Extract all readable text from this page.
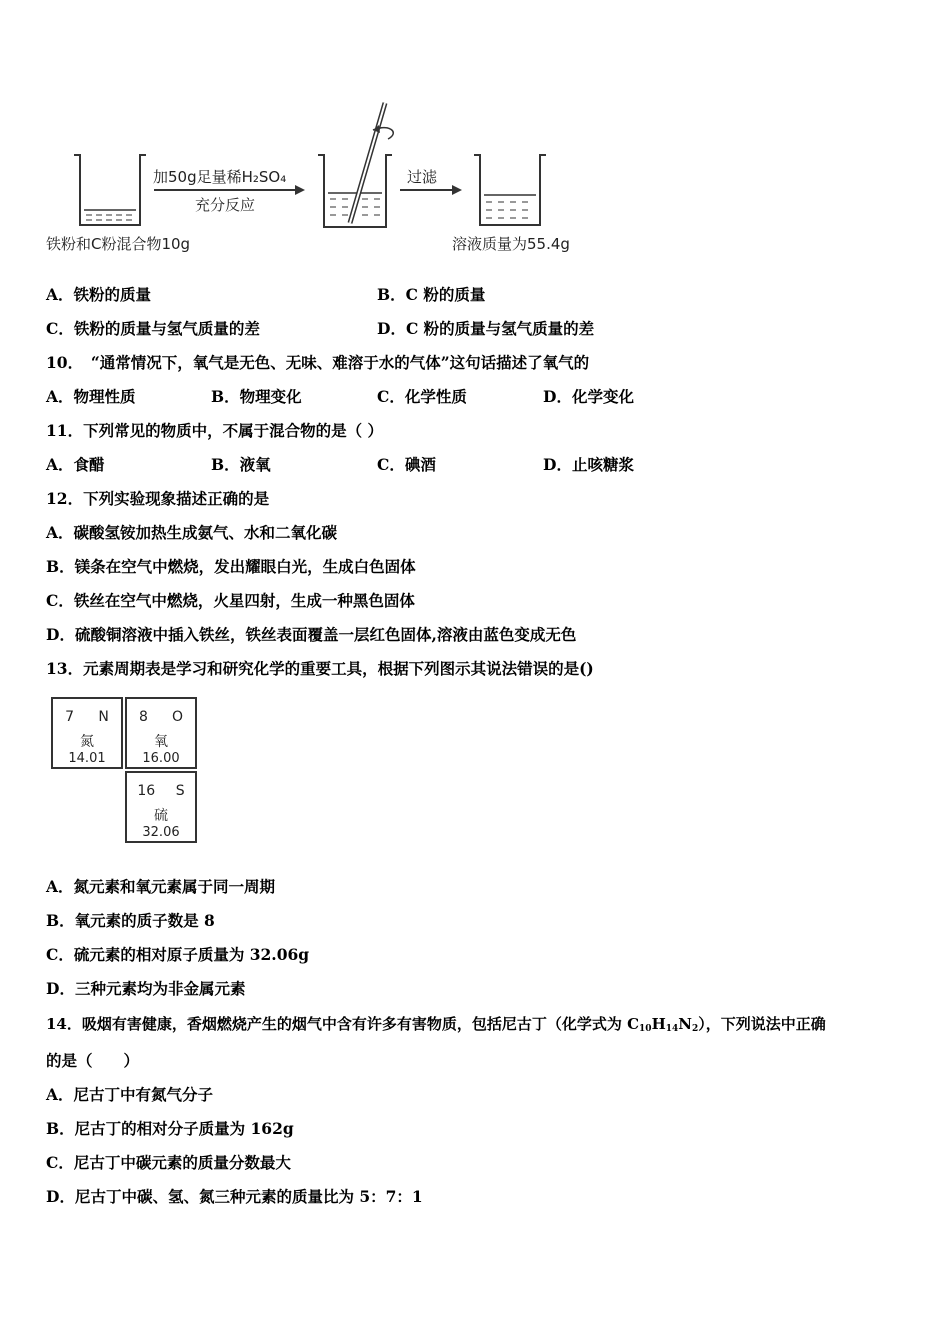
加50g足量稀H₂SO₄
充分反应
过滤
铁粉和C粉混合物10g	溶液质量为55.4g
A．铁粉的质量	B．C 粉的质量
C．铁粉的质量与氢气质量的差	D．C 粉的质量与氢气质量的差
10．　“通常情况下，氧气是无色、无味、难溶于水的气体”这句话描述了氧气的
A．物理性质	B．物理变化	C．化学性质	D．化学变化
11．下列常见的物质中，不属于混合物的是（ ）
A．食醋	B．液氧	C．碘酒	D．止咳糖浆
12．下列实验现象描述正确的是
A．碳酸氢铵加热生成氨气、水和二氧化碳
B．镁条在空气中燃烧，发出耀眼白光，生成白色固体
C．铁丝在空气中燃烧，火星四射，生成一种黑色固体
D．硫酸铜溶液中插入铁丝，铁丝表面覆盖一层红色固体,溶液由蓝色变成无色
13．元素周期表是学习和研究化学的重要工具，根据下列图示其说法错误的是()
7 N
氮
14.01
8 O
氧
16.00
16 S
硫
32.06
A．氮元素和氧元素属于同一周期
B．氧元素的质子数是 8
C．硫元素的相对原子质量为 32.06g
D．三种元素均为非金属元素
14．吸烟有害健康，香烟燃烧产生的烟气中含有许多有害物质，包括尼古丁（化学式为 $C_{10}H_{14}N_2$），下列说法中正确
的是（　　）
A．尼古丁中有氮气分子
B．尼古丁的相对分子质量为 162g
C．尼古丁中碳元素的质量分数最大
D．尼古丁中碳、氢、氮三种元素的质量比为 5：7：1
